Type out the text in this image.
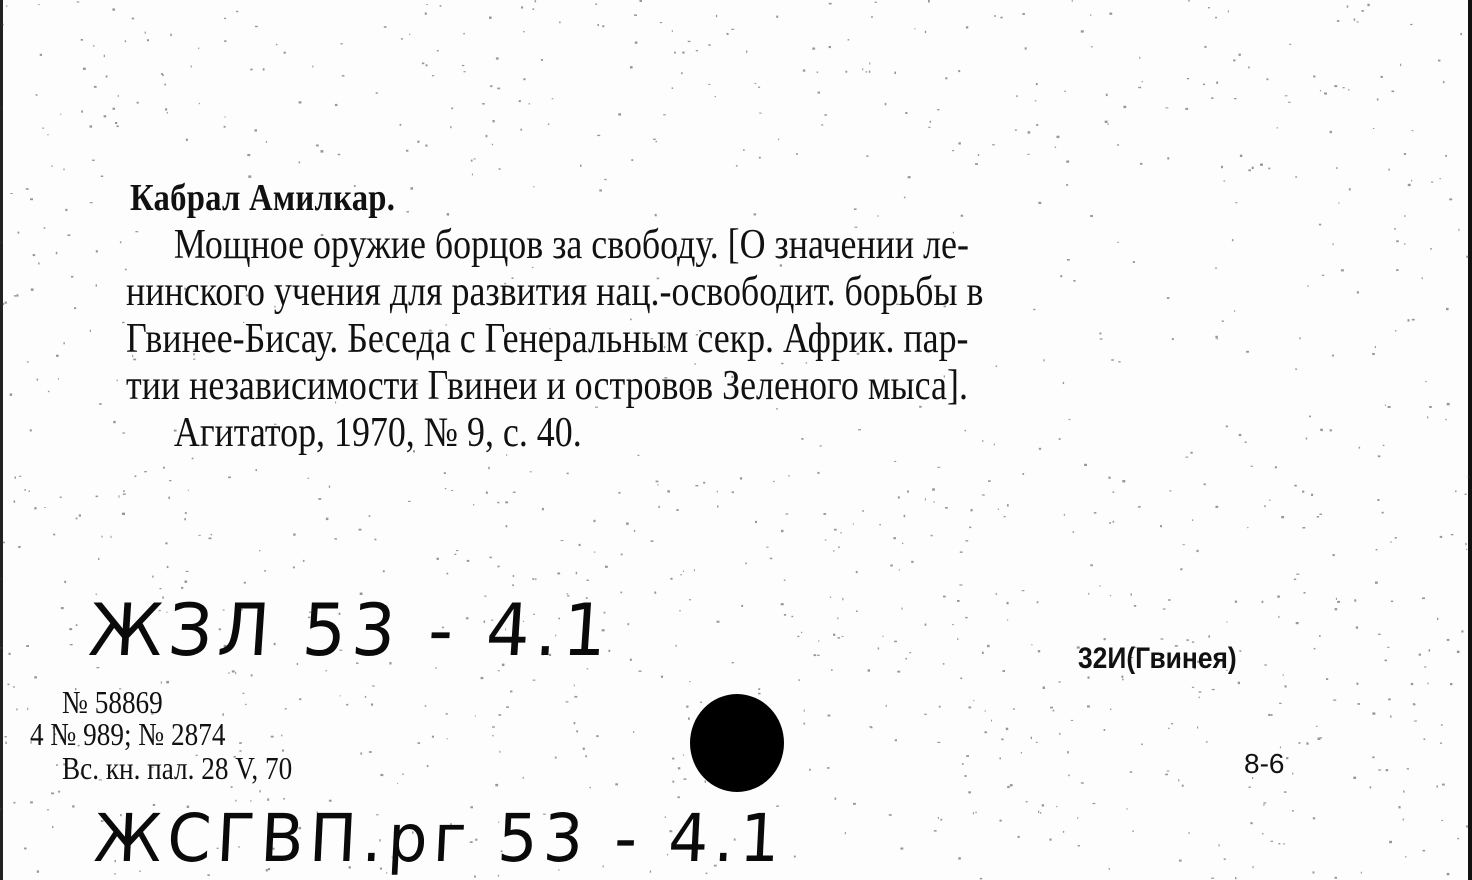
Кабрал Амилкар.
Мощное оружие борцов за свободу. [О значении ле-
нинского учения для развития нац.-освободит. борьбы в
Гвинее-Бисау. Беседа с Генеральным секр. Африк. пар-
тии независимости Гвинеи и островов Зеленого мыса].
Агитатор, 1970, № 9, с. 40.
ЖЗЛ 53 - 4.1	32И(Гвинея)
№ 58869
4 № 989; № 2874
Вс. кн. пал. 28 V, 70	8-6
ЖСГВП.рг 53 - 4.1
